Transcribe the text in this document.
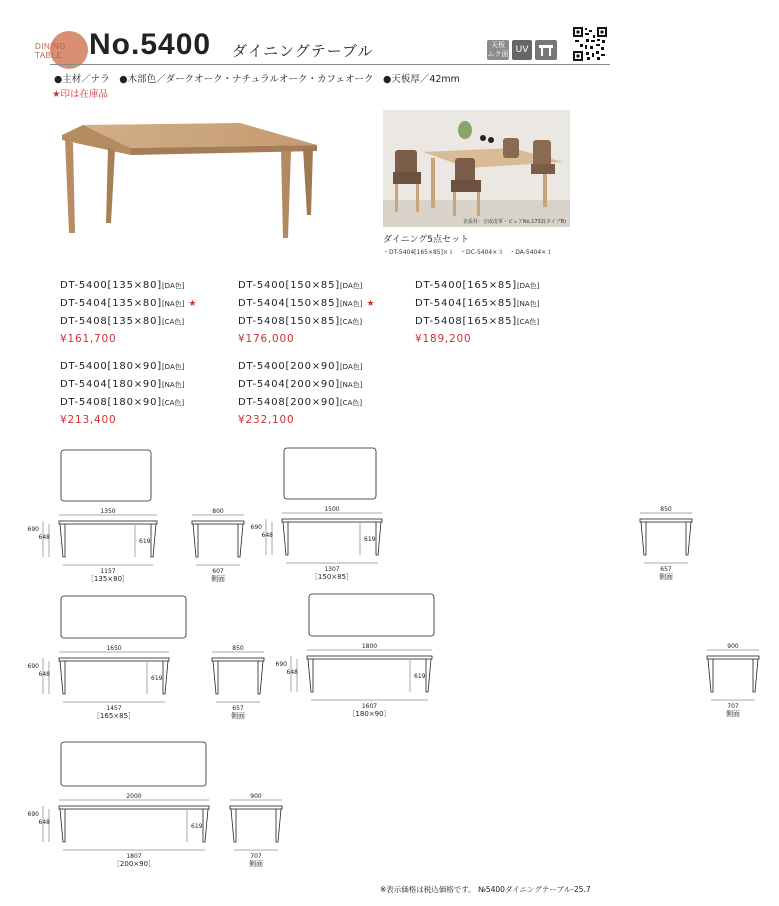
DINING
TABLE No.5400 ダイニングテーブル	天板
ムク面 UV
●主材／ナラ　●木部色／ダークオーク・ナチュラルオーク・カフェオーク　●天板厚／42mm
★印は在庫品
表張材：合成皮革・ピュアNo.1732(タイプB)
ダイニング5点セット
・DT-5404[165×85]×１　・DC-5404×３　・DA-5404×１
DT-5400[135×80][DA色]
DT-5404[135×80][NA色] ★
DT-5408[135×80][CA色]
¥161,700
DT-5400[150×85][DA色]
DT-5404[150×85][NA色] ★
DT-5408[150×85][CA色]
¥176,000
DT-5400[165×85][DA色]
DT-5404[165×85][NA色]
DT-5408[165×85][CA色]
¥189,200
DT-5400[180×90][DA色]
DT-5404[180×90][NA色]
DT-5408[180×90][CA色]
¥213,400
DT-5400[200×90][DA色]
DT-5404[200×90][NA色]
DT-5408[200×90][CA色]
¥232,100
1350
1157
［135×80］
690
648
619
800
607
側面
1500
1307
［150×85］
690
648
619
850
657
側面
1650
1457
［165×85］
690
648
619
850
657
側面
1800
1607
［180×90］
690
648
619
900
707
側面
2000
1807
［200×90］
690
648
619
900
707
側面
※表示価格は税込価格です。 №5400ダイニングテーブル-25.7
